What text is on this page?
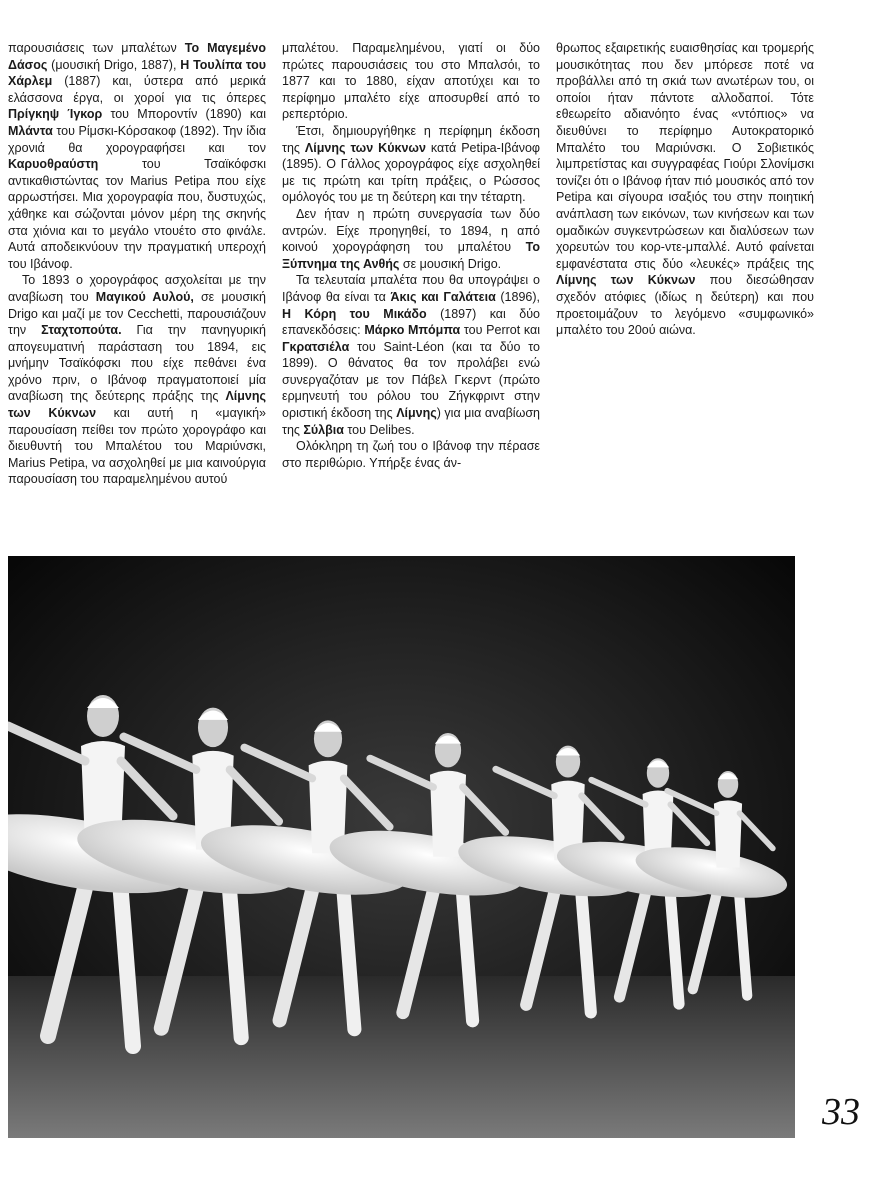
παρουσιάσεις των μπαλέτων Το Μαγεμένο Δάσος (μουσική Drigo, 1887), Η Τουλίπα του Χάρλεμ (1887) και, ύστερα από μερικά ελάσσονα έργα, οι χοροί για τις όπερες Πρίγκηψ Ίγκορ του Μποροντίν (1890) και Μλάντα του Ρίμσκι-Κόρσακοφ (1892). Την ίδια χρονιά θα χορογραφήσει και τον Καρυοθραύστη του Τσαϊκόφσκι αντικαθιστώντας τον Marius Petipa που είχε αρρωστήσει. Μια χορογραφία που, δυστυχώς, χάθηκε και σώζονται μόνον μέρη της σκηνής στα χιόνια και το μεγάλο ντουέτο στο φινάλε. Αυτά αποδεικνύουν την πραγματική υπεροχή του Ιβάνοφ.

Το 1893 ο χορογράφος ασχολείται με την αναβίωση του Μαγικού Αυλού, σε μουσική Drigo και μαζί με τον Cecchetti, παρουσιάζουν την Σταχτοπούτα. Για την πανηγυρική απογευματινή παράσταση του 1894, εις μνήμην Τσαϊκόφσκι που είχε πεθάνει ένα χρόνο πριν, ο Ιβάνοφ πραγματοποιεί μία αναβίωση της δεύτερης πράξης της Λίμνης των Κύκνων και αυτή η «μαγική» παρουσίαση πείθει τον πρώτο χορογράφο και διευθυντή του Μπαλέτου του Μαριύνσκι, Marius Petipa, να ασχοληθεί με μια καινούργια παρουσίαση του παραμελημένου αυτού

μπαλέτου. Παραμελημένου, γιατί οι δύο πρώτες παρουσιάσεις του στο Μπαλσόι, το 1877 και το 1880, είχαν αποτύχει και το περίφημο μπαλέτο είχε αποσυρθεί από το ρεπερτόριο.

Έτσι, δημιουργήθηκε η περίφημη έκδοση της Λίμνης των Κύκνων κατά Petipa-Ιβάνοφ (1895). Ο Γάλλος χορογράφος είχε ασχοληθεί με τις πρώτη και τρίτη πράξεις, ο Ρώσσος ομόλογός του με τη δεύτερη και την τέταρτη.

Δεν ήταν η πρώτη συνεργασία των δύο αντρών. Είχε προηγηθεί, το 1894, η από κοινού χορογράφηση του μπαλέτου Το Ξύπνημα της Ανθής σε μουσική Drigo.

Τα τελευταία μπαλέτα που θα υπογράψει ο Ιβάνοφ θα είναι τα Άκις και Γαλάτεια (1896), Η Κόρη του Μικάδο (1897) και δύο επανεκδόσεις: Μάρκο Μπόμπα του Perrot και Γκρατσιέλα του Saint-Léon (και τα δύο το 1899). Ο θάνατος θα τον προλάβει ενώ συνεργαζόταν με τον Πάβελ Γκερντ (πρώτο ερμηνευτή του ρόλου του Ζήγκφριντ στην οριστική έκδοση της Λίμνης) για μια αναβίωση της Σύλβια του Delibes.

Ολόκληρη τη ζωή του ο Ιβάνοφ την πέρασε στο περιθώριο. Υπήρξε ένας άν-

θρωπος εξαιρετικής ευαισθησίας και τρομερής μουσικότητας που δεν μπόρεσε ποτέ να προβάλλει από τη σκιά των ανωτέρων του, οι οποίοι ήταν πάντοτε αλλοδαποί. Τότε εθεωρείτο αδιανόητο ένας «ντόπιος» να διευθύνει το περίφημο Αυτοκρατορικό Μπαλέτο του Μαριύνσκι. Ο Σοβιετικός λιμπρετίστας και συγγραφέας Γιούρι Σλονίμσκι τονίζει ότι ο Ιβάνοφ ήταν πιό μουσικός από τον Petipa και σίγουρα ισαξιός του στην ποιητική ανάπλαση των εικόνων, των κινήσεων και των ομαδικών συγκεντρώσεων και διαλύσεων των χορευτών του κορ-ντε-μπαλλέ. Αυτό φαίνεται εμφανέστατα στις δύο «λευκές» πράξεις της Λίμνης των Κύκνων που διεσώθησαν σχεδόν ατόφιες (ιδίως η δεύτερη) και που προετοιμάζουν το λεγόμενο «συμφωνικό» μπαλέτο του 20ού αιώνα.

33
